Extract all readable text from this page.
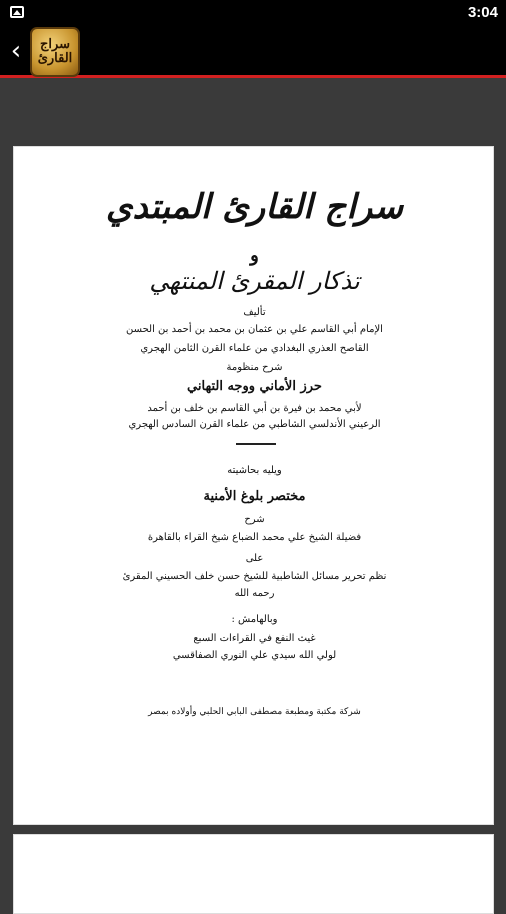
3:04
‹	سراج القارئ
سراج القارئ المبتدي
و
تذكار المقرئ المنتهي
تأليف
الإمام أبي القاسم علي بن عثمان بن محمد بن أحمد بن الحسن
القاصح العذري البغدادي من علماء القرن الثامن الهجري
شرح منظومة
حرز الأماني ووجه التهاني
لأبي محمد بن فيرة بن أبي القاسم بن خلف بن أحمد
الرعيني الأندلسي الشاطبي من علماء القرن السادس الهجري
ويليه بحاشيته
مختصر بلوغ الأمنية
شرح
فضيلة الشيخ علي محمد الضباع شيخ القراء بالقاهرة
على
نظم تحرير مسائل الشاطبية للشيخ حسن خلف الحسيني المقرئ
رحمه الله
وبالهامش :
غيث النفع في القراءات السبع
لولي الله سيدي علي النوري الصفاقسي
شركة مكتبة ومطبعة مصطفى البابي الحلبي وأولاده بمصر
